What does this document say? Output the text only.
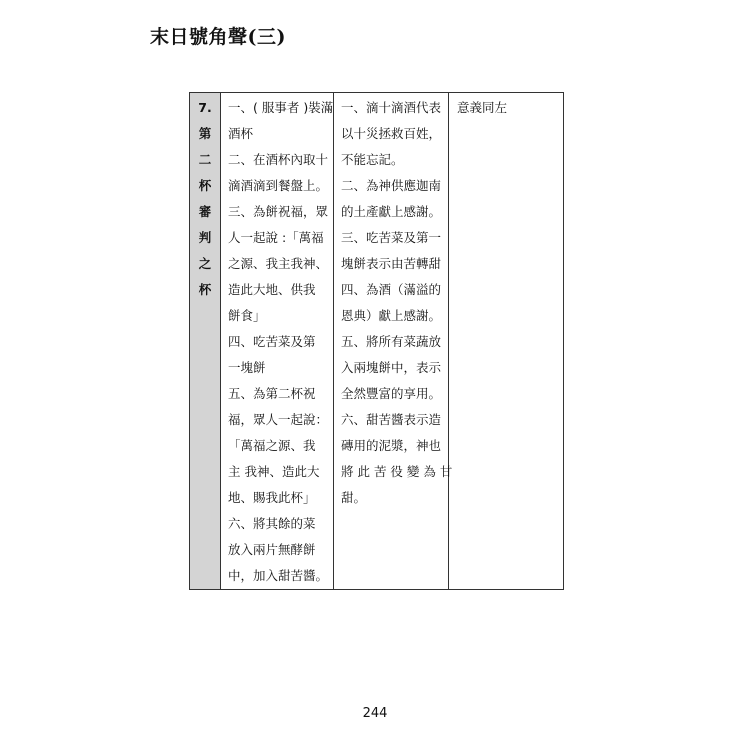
末日號角聲(三)
7.
第
二
杯
審
判
之
杯

一、( 服事者 )裝滿
酒杯
二、在酒杯內取十
滴酒滴到餐盤上。
三、為餅祝福，眾
人一起說 :「萬福
之源、我主我神、
造此大地、供我
餅食」
四、吃苦菜及第
一塊餅
五、為第二杯祝
福，眾人一起說：
「萬福之源、我
主 我神、造此大
地、賜我此杯」
六、將其餘的菜
放入兩片無酵餅
中，加入甜苦醬。

一、滴十滴酒代表
以十災拯救百姓，
不能忘記。
二、為神供應迦南
的土產獻上感謝。
三、吃苦菜及第一
塊餅表示由苦轉甜
四、為酒（滿溢的
恩典）獻上感謝。
五、將所有菜蔬放
入兩塊餅中，表示
全然豐富的享用。
六、甜苦醬表示造
磚用的泥漿，神也
將 此 苦 役 變 為 甘
甜。

意義同左
244
